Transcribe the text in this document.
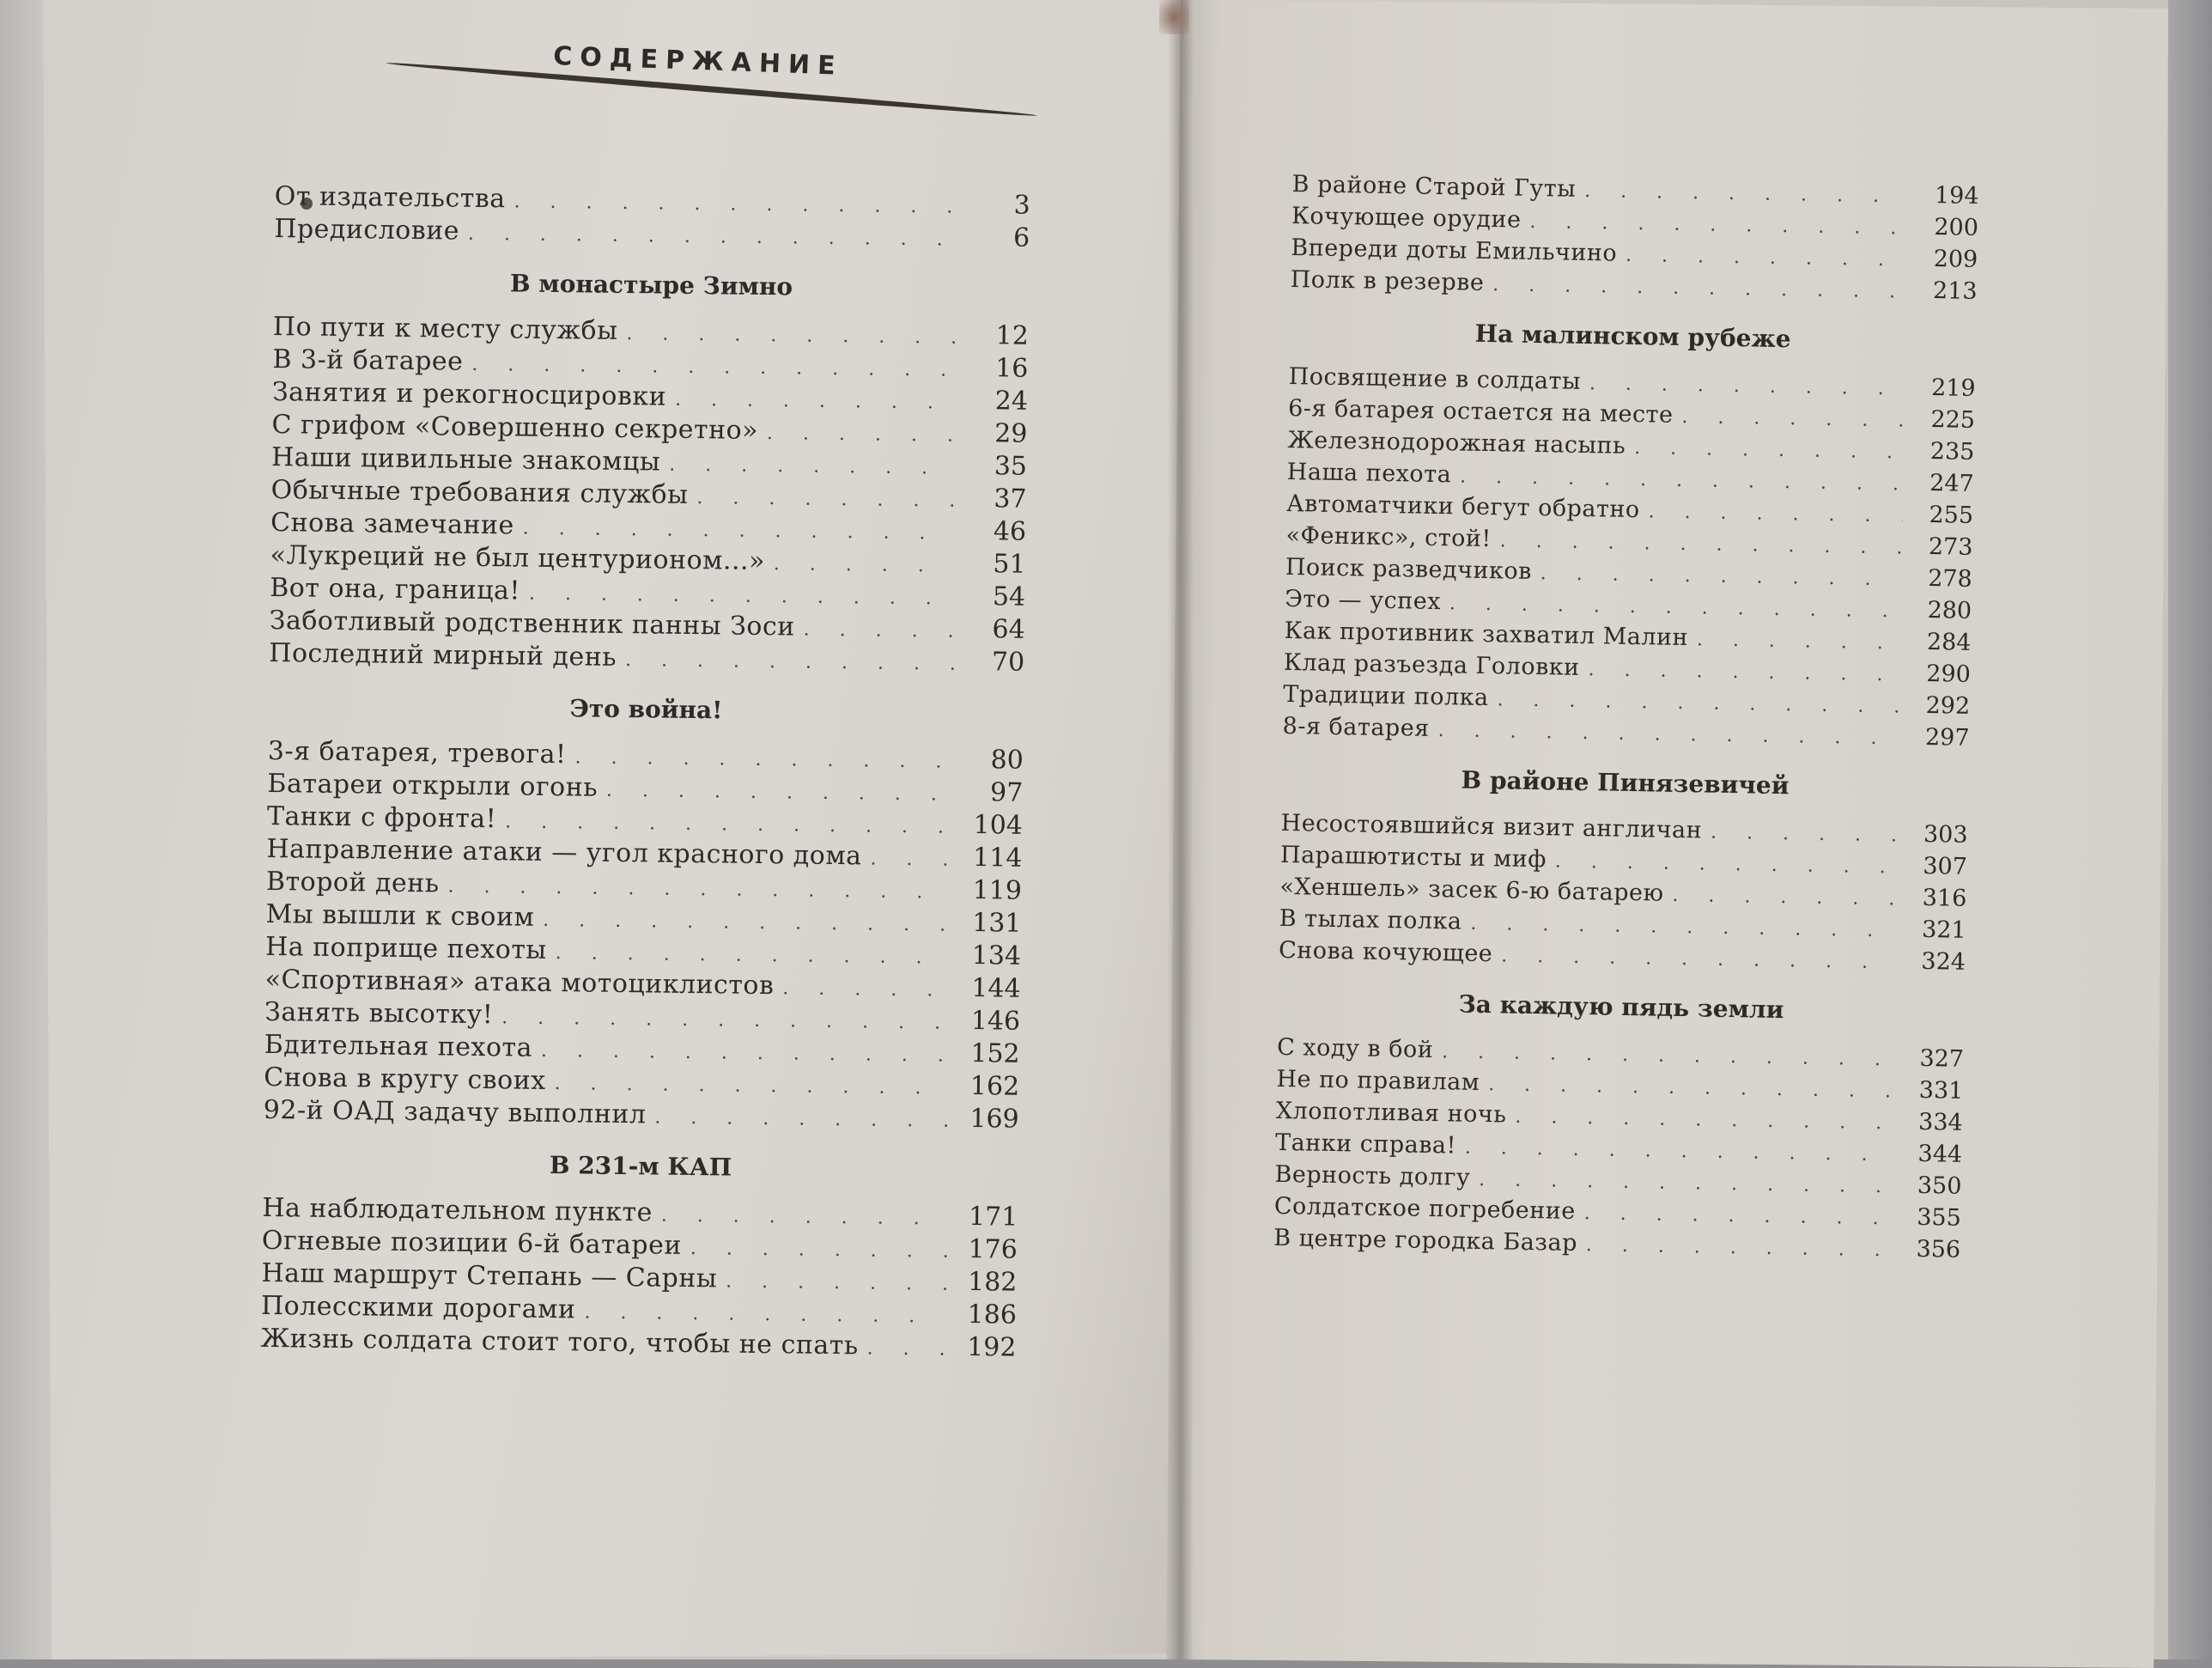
СОДЕРЖАНИЕ
От издательства . . .	3
Предисловие . . .	6
В монастыре Зимно
По пути к месту службы . . .	12
В 3-й батарее . . .	16
Занятия и рекогносцировки . . .	24
С грифом «Совершенно секретно» . . .	29
Наши цивильные знакомцы . . .	35
Обычные требования службы . . .	37
Снова замечание . . .	46
«Лукреций не был центурионом...» . . .	51
Вот она, граница! . . .	54
Заботливый родственник панны Зоси . . .	64
Последний мирный день . . .	70
Это война!
3-я батарея, тревога! . . .	80
Батареи открыли огонь . . .	97
Танки с фронта! . . .	104
Направление атаки — угол красного дома . . .	114
Второй день . . .	119
Мы вышли к своим . . .	131
На поприще пехоты . . .	134
«Спортивная» атака мотоциклистов . . .	144
Занять высотку! . . .	146
Бдительная пехота . . .	152
Снова в кругу своих . . .	162
92-й ОАД задачу выполнил . . .	169
В 231-м КАП
На наблюдательном пункте . . .	171
Огневые позиции 6-й батареи . . .	176
Наш маршрут Степань — Сарны . . .	182
Полесскими дорогами . . .	186
Жизнь солдата стоит того, чтобы не спать . . .	192
В районе Старой Гуты . . .	194
Кочующее орудие . . .	200
Впереди доты Емильчино . . .	209
Полк в резерве . . .	213
На малинском рубеже
Посвящение в солдаты . . .	219
6-я батарея остается на месте . . .	225
Железнодорожная насыпь . . .	235
Наша пехота . . .	247
Автоматчики бегут обратно . . .	255
«Феникс», стой! . . .	273
Поиск разведчиков . . .	278
Это — успех . . .	280
Как противник захватил Малин . . .	284
Клад разъезда Головки . . .	290
Традиции полка . . .	292
8-я батарея . . .	297
В районе Пинязевичей
Несостоявшийся визит англичан . . .	303
Парашютисты и миф . . .	307
«Хеншель» засек 6-ю батарею . . .	316
В тылах полка . . .	321
Снова кочующее . . .	324
За каждую пядь земли
С ходу в бой . . .	327
Не по правилам . . .	331
Хлопотливая ночь . . .	334
Танки справа! . . .	344
Верность долгу . . .	350
Солдатское погребение . . .	355
В центре городка Базар . . .	356
